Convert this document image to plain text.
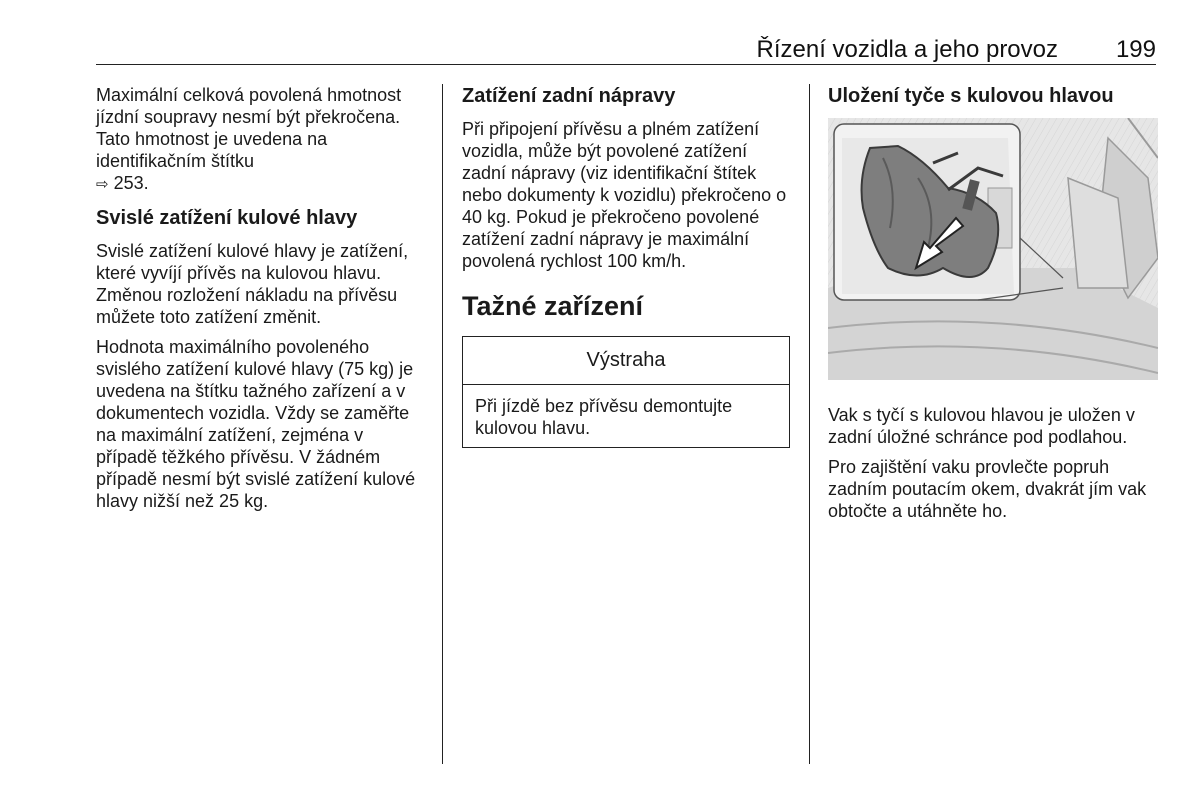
Řízení vozidla a jeho provoz 199

Maximální celková povolená hmotnost jízdní soupravy nesmí být překročena. Tato hmotnost je uvedena na identifikačním štítku
⇨ 253.

Svislé zatížení kulové hlavy

Svislé zatížení kulové hlavy je zatížení, které vyvíjí přívěs na kulovou hlavu. Změnou rozložení nákladu na přívěsu můžete toto zatížení změnit.

Hodnota maximálního povoleného svislého zatížení kulové hlavy (75 kg) je uvedena na štítku tažného zařízení a v dokumentech vozidla. Vždy se zaměřte na maximální zatížení, zejména v případě těžkého přívěsu. V žádném případě nesmí být svislé zatížení kulové hlavy nižší než 25 kg.

Zatížení zadní nápravy

Při připojení přívěsu a plném zatížení vozidla, může být povolené zatížení zadní nápravy (viz identifikační štítek nebo dokumenty k vozidlu) překročeno o 40 kg. Pokud je překročeno povolené zatížení zadní nápravy je maximální povolená rychlost 100 km/h.

Tažné zařízení
Výstraha

Při jízdě bez přívěsu demontujte kulovou hlavu.

Uložení tyče s kulovou hlavou

Vak s tyčí s kulovou hlavou je uložen v zadní úložné schránce pod podlahou.

Pro zajištění vaku provlečte popruh zadním poutacím okem, dvakrát jím vak obtočte a utáhněte ho.
